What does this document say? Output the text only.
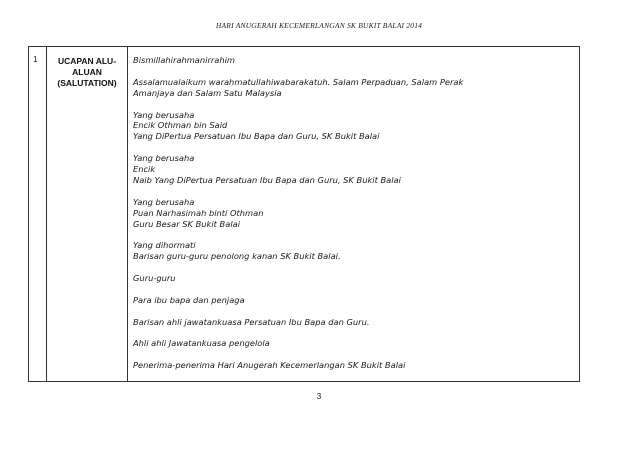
HARI ANUGERAH KECEMERLANGAN SK BUKIT BALAI 2014
1	UCAPAN ALU-
ALUAN
(SALUTATION)
Bismillahirahmanirrahim
Assalamualaikum warahmatullahiwabarakatuh. Salam Perpaduan, Salam Perak
Amanjaya dan Salam Satu Malaysia
Yang berusaha
Encik Othman bin Said
Yang DiPertua Persatuan Ibu Bapa dan Guru, SK Bukit Balai
Yang berusaha
Encik
Naib Yang DiPertua Persatuan Ibu Bapa dan Guru, SK Bukit Balai
Yang berusaha
Puan Narhasimah binti Othman
Guru Besar SK Bukit Balai
Yang dihormati
Barisan guru-guru penolong kanan SK Bukit Balai.
Guru-guru
Para ibu bapa dan penjaga
Barisan ahli jawatankuasa Persatuan Ibu Bapa dan Guru.
Ahli ahli Jawatankuasa pengelola
Penerima-penerima Hari Anugerah Kecemerlangan SK Bukit Balai
3
